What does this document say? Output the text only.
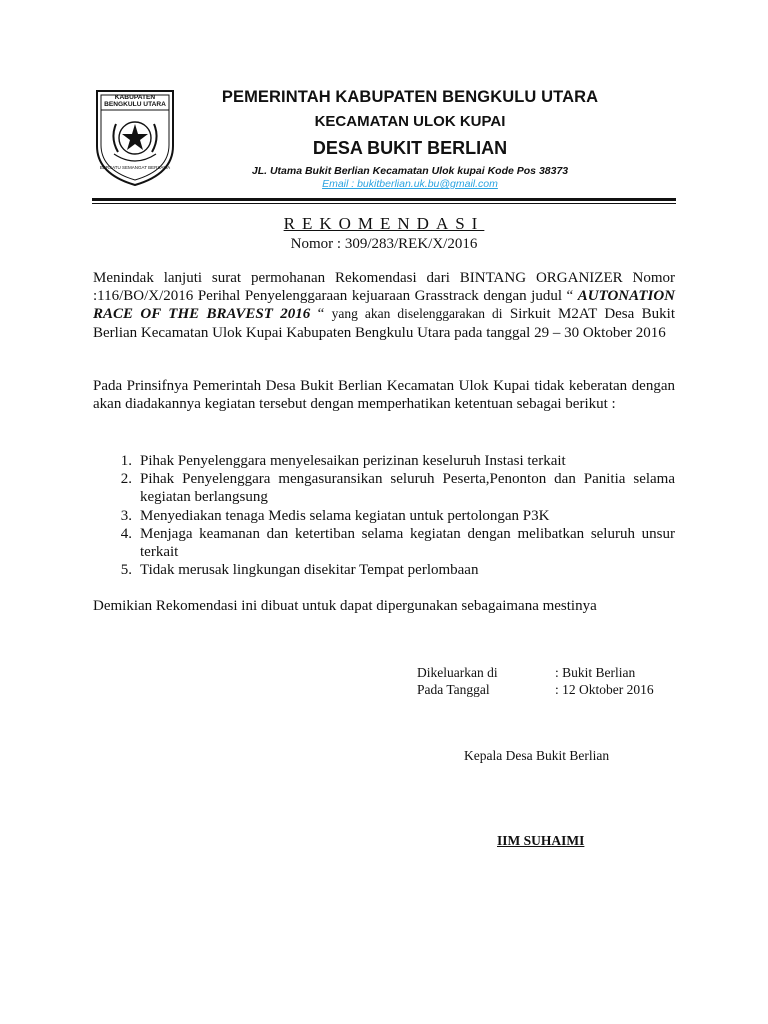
KABUPATEN
BENGKULU UTARA
BERSATU SEMANGAT BERSAMA
PEMERINTAH KABUPATEN BENGKULU UTARA
KECAMATAN ULOK KUPAI
DESA BUKIT BERLIAN
JL. Utama Bukit Berlian Kecamatan Ulok kupai Kode Pos 38373
Email : bukitberlian.uk.bu@gmail.com
REKOMENDASI
Nomor : 309/283/REK/X/2016

Menindak lanjuti surat permohanan Rekomendasi dari BINTANG ORGANIZER Nomor :116/BO/X/2016 Perihal Penyelenggaraan kejuaraan Grasstrack dengan judul “ AUTONATION RACE OF THE BRAVEST 2016 “ yang akan diselenggarakan di Sirkuit M2AT Desa Bukit Berlian Kecamatan Ulok Kupai Kabupaten Bengkulu Utara pada tanggal 29 – 30 Oktober 2016

Pada Prinsifnya Pemerintah Desa Bukit Berlian Kecamatan Ulok Kupai tidak keberatan dengan akan diadakannya kegiatan tersebut dengan memperhatikan ketentuan sebagai berikut :

1. Pihak Penyelenggara menyelesaikan perizinan keseluruh Instasi terkait
2. Pihak Penyelenggara mengasuransikan seluruh Peserta,Penonton dan Panitia selama kegiatan berlangsung
3. Menyediakan tenaga Medis selama kegiatan untuk pertolongan P3K
4. Menjaga keamanan dan ketertiban selama kegiatan dengan melibatkan seluruh unsur terkait
5. Tidak merusak lingkungan disekitar Tempat perlombaan

Demikian Rekomendasi ini dibuat untuk dapat dipergunakan sebagaimana mestinya

Dikeluarkan di	: Bukit Berlian
Pada Tanggal	: 12 Oktober 2016
Kepala Desa Bukit Berlian
IIM SUHAIMI
